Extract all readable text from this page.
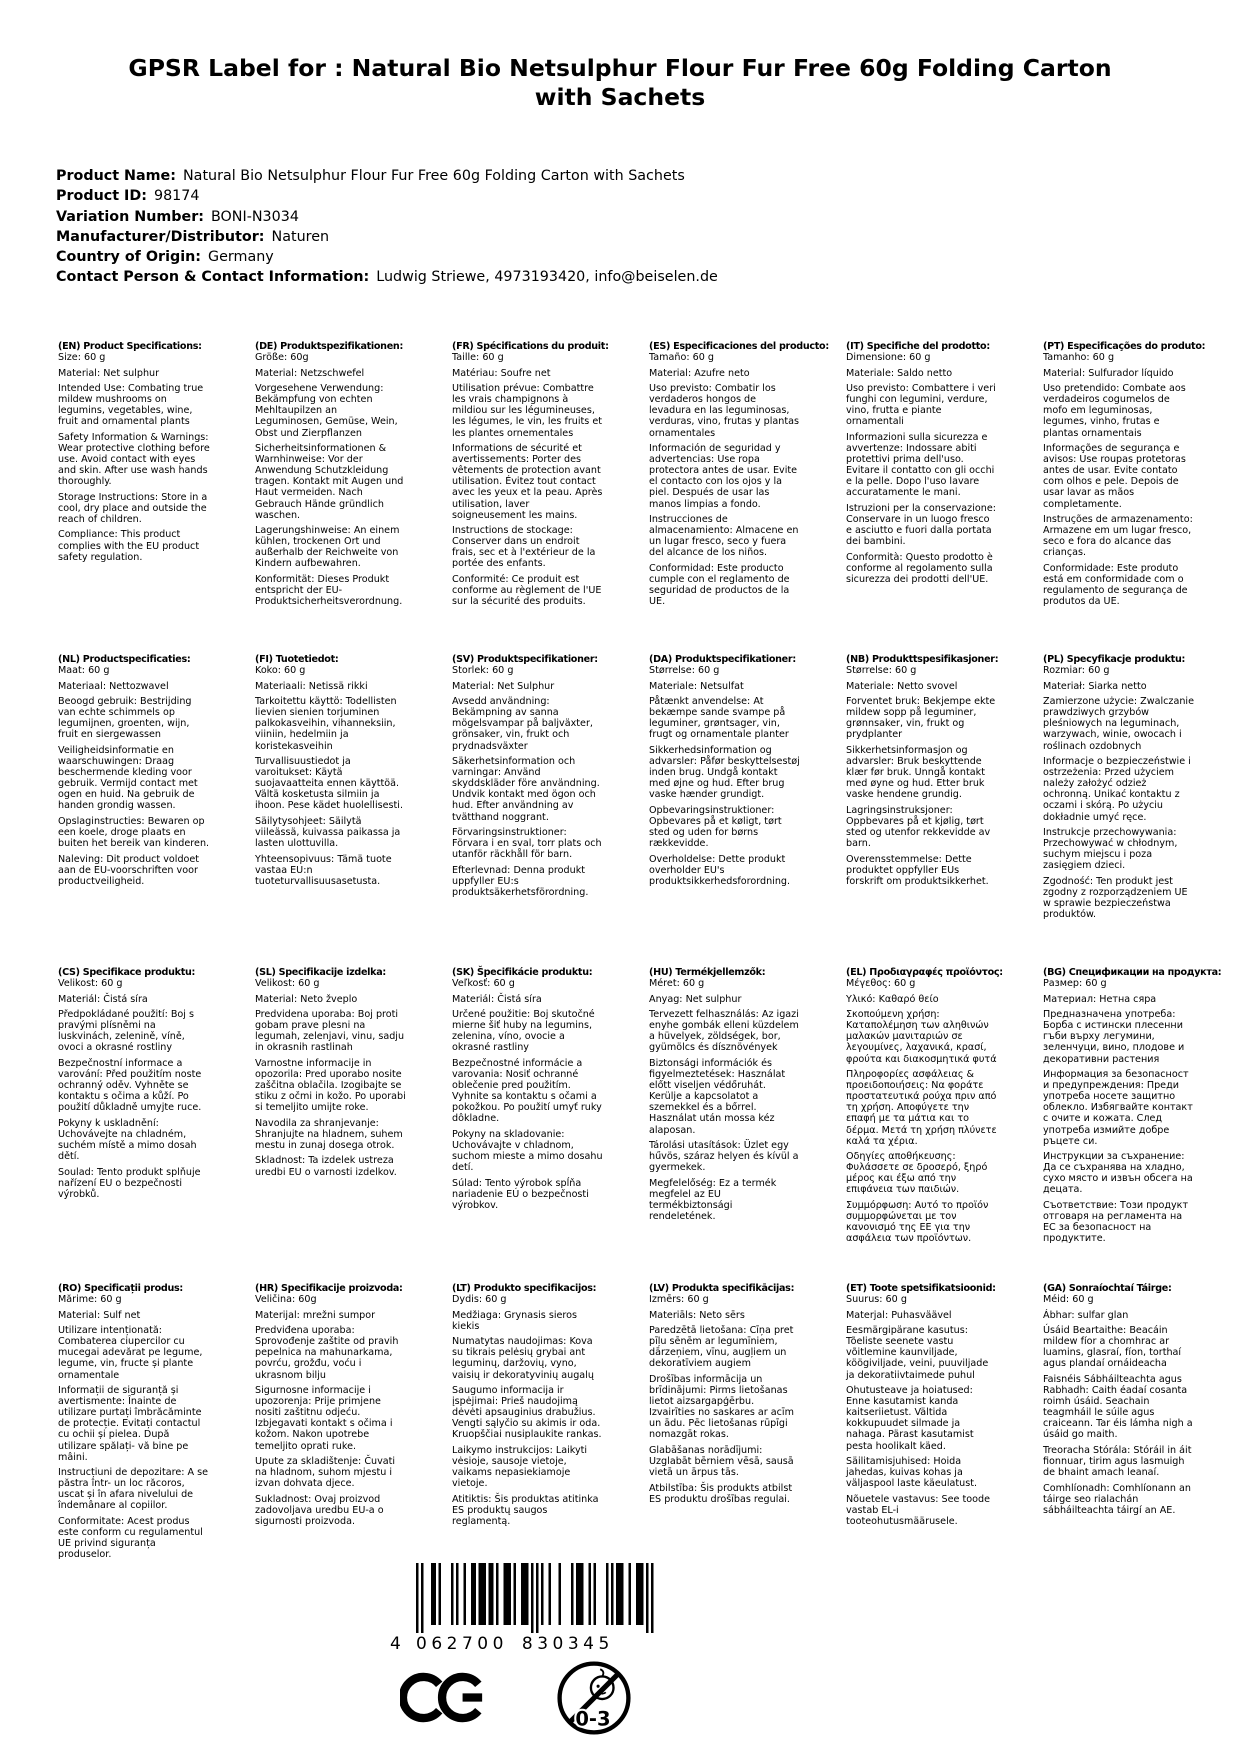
GPSR Label for : Natural Bio Netsulphur Flour Fur Free 60g Folding Carton with Sachets
Product Name: Natural Bio Netsulphur Flour Fur Free 60g Folding Carton with Sachets
Product ID: 98174
Variation Number: BONI-N3034
Manufacturer/Distributor: Naturen
Country of Origin: Germany
Contact Person & Contact Information: Ludwig Striewe, 4973193420, info@beiselen.de
(EN) Product Specifications:

Size: 60 g

Material: Net sulphur

Intended Use: Combating true mildew mushrooms on legumins, vegetables, wine, fruit and ornamental plants

Safety Information & Warnings: Wear protective clothing before use. Avoid contact with eyes and skin. After use wash hands thoroughly.

Storage Instructions: Store in a cool, dry place and outside the reach of children.

Compliance: This product complies with the EU product safety regulation.

(DE) Produktspezifikationen:

Größe: 60g

Material: Netzschwefel

Vorgesehene Verwendung: Bekämpfung von echten Mehltaupilzen an Leguminosen, Gemüse, Wein, Obst und Zierpflanzen

Sicherheitsinformationen & Warnhinweise: Vor der Anwendung Schutzkleidung tragen. Kontakt mit Augen und Haut vermeiden. Nach Gebrauch Hände gründlich waschen.

Lagerungshinweise: An einem kühlen, trockenen Ort und außerhalb der Reichweite von Kindern aufbewahren.

Konformität: Dieses Produkt entspricht der EU-Produktsicherheitsverordnung.

(FR) Spécifications du produit:

Taille: 60 g

Matériau: Soufre net

Utilisation prévue: Combattre les vrais champignons à mildiou sur les légumineuses, les légumes, le vin, les fruits et les plantes ornementales

Informations de sécurité et avertissements: Porter des vêtements de protection avant utilisation. Évitez tout contact avec les yeux et la peau. Après utilisation, laver soigneusement les mains.

Instructions de stockage: Conserver dans un endroit frais, sec et à l'extérieur de la portée des enfants.

Conformité: Ce produit est conforme au règlement de l'UE sur la sécurité des produits.

(ES) Especificaciones del producto:

Tamaño: 60 g

Material: Azufre neto

Uso previsto: Combatir los verdaderos hongos de levadura en las leguminosas, verduras, vino, frutas y plantas ornamentales

Información de seguridad y advertencias: Use ropa protectora antes de usar. Evite el contacto con los ojos y la piel. Después de usar las manos limpias a fondo.

Instrucciones de almacenamiento: Almacene en un lugar fresco, seco y fuera del alcance de los niños.

Conformidad: Este producto cumple con el reglamento de seguridad de productos de la UE.

(IT) Specifiche del prodotto:

Dimensione: 60 g

Materiale: Saldo netto

Uso previsto: Combattere i veri funghi con legumini, verdure, vino, frutta e piante ornamentali

Informazioni sulla sicurezza e avvertenze: Indossare abiti protettivi prima dell'uso. Evitare il contatto con gli occhi e la pelle. Dopo l'uso lavare accuratamente le mani.

Istruzioni per la conservazione: Conservare in un luogo fresco e asciutto e fuori dalla portata dei bambini.

Conformità: Questo prodotto è conforme al regolamento sulla sicurezza dei prodotti dell'UE.

(PT) Especificações do produto:

Tamanho: 60 g

Material: Sulfurador líquido

Uso pretendido: Combate aos verdadeiros cogumelos de mofo em leguminosas, legumes, vinho, frutas e plantas ornamentais

Informações de segurança e avisos: Use roupas protetoras antes de usar. Evite contato com olhos e pele. Depois de usar lavar as mãos completamente.

Instruções de armazenamento: Armazene em um lugar fresco, seco e fora do alcance das crianças.

Conformidade: Este produto está em conformidade com o regulamento de segurança de produtos da UE.

(NL) Productspecificaties:

Maat: 60 g

Materiaal: Nettozwavel

Beoogd gebruik: Bestrijding van echte schimmels op legumijnen, groenten, wijn, fruit en siergewassen

Veiligheidsinformatie en waarschuwingen: Draag beschermende kleding voor gebruik. Vermijd contact met ogen en huid. Na gebruik de handen grondig wassen.

Opslaginstructies: Bewaren op een koele, droge plaats en buiten het bereik van kinderen.

Naleving: Dit product voldoet aan de EU-voorschriften voor productveiligheid.

(FI) Tuotetiedot:

Koko: 60 g

Materiaali: Netissä rikki

Tarkoitettu käyttö: Todellisten lievien sienien torjuminen palkokasveihin, vihanneksiin, viiniin, hedelmiin ja koristekasveihin

Turvallisuustiedot ja varoitukset: Käytä suojavaatteita ennen käyttöä. Vältä kosketusta silmiin ja ihoon. Pese kädet huolellisesti.

Säilytysohjeet: Säilytä viileässä, kuivassa paikassa ja lasten ulottuvilla.

Yhteensopivuus: Tämä tuote vastaa EU:n tuoteturvallisuusasetusta.

(SV) Produktspecifikationer:

Storlek: 60 g

Material: Net Sulphur

Avsedd användning: Bekämpning av sanna mögelsvampar på baljväxter, grönsaker, vin, frukt och prydnadsväxter

Säkerhetsinformation och varningar: Använd skyddskläder före användning. Undvik kontakt med ögon och hud. Efter användning av tvätthand noggrant.

Förvaringsinstruktioner: Förvara i en sval, torr plats och utanför räckhåll för barn.

Efterlevnad: Denna produkt uppfyller EU:s produktsäkerhetsförordning.

(DA) Produktspecifikationer:

Størrelse: 60 g

Materiale: Netsulfat

Påtænkt anvendelse: At bekæmpe sande svampe på leguminer, grøntsager, vin, frugt og ornamentale planter

Sikkerhedsinformation og advarsler: Påfør beskyttelsestøj inden brug. Undgå kontakt med øjne og hud. Efter brug vaske hænder grundigt.

Opbevaringsinstruktioner: Opbevares på et køligt, tørt sted og uden for børns rækkevidde.

Overholdelse: Dette produkt overholder EU's produktsikkerhedsforordning.

(NB) Produkttspesifikasjoner:

Størrelse: 60 g

Materiale: Netto svovel

Forventet bruk: Bekjempe ekte mildew sopp på leguminer, grønnsaker, vin, frukt og prydplanter

Sikkerhetsinformasjon og advarsler: Bruk beskyttende klær før bruk. Unngå kontakt med øyne og hud. Etter bruk vaske hendene grundig.

Lagringsinstruksjoner: Oppbevares på et kjølig, tørt sted og utenfor rekkevidde av barn.

Overensstemmelse: Dette produktet oppfyller EUs forskrift om produktsikkerhet.

(PL) Specyfikacje produktu:

Rozmiar: 60 g

Materiał: Siarka netto

Zamierzone użycie: Zwalczanie prawdziwych grzybów pleśniowych na leguminach, warzywach, winie, owocach i roślinach ozdobnych

Informacje o bezpieczeństwie i ostrzeżenia: Przed użyciem należy założyć odzież ochronną. Unikać kontaktu z oczami i skórą. Po użyciu dokładnie umyć ręce.

Instrukcje przechowywania: Przechowywać w chłodnym, suchym miejscu i poza zasięgiem dzieci.

Zgodność: Ten produkt jest zgodny z rozporządzeniem UE w sprawie bezpieczeństwa produktów.

(CS) Specifikace produktu:

Velikost: 60 g

Materiál: Čistá síra

Předpokládané použití: Boj s pravými plísněmi na luskvinách, zelenině, víně, ovoci a okrasné rostliny

Bezpečnostní informace a varování: Před použitím noste ochranný oděv. Vyhněte se kontaktu s očima a kůží. Po použití důkladně umyjte ruce.

Pokyny k uskladnění: Uchovávejte na chladném, suchém místě a mimo dosah dětí.

Soulad: Tento produkt splňuje nařízení EU o bezpečnosti výrobků.

(SL) Specifikacije izdelka:

Velikost: 60 g

Material: Neto žveplo

Predvidena uporaba: Boj proti gobam prave plesni na legumah, zelenjavi, vinu, sadju in okrasnih rastlinah

Varnostne informacije in opozorila: Pred uporabo nosite zaščitna oblačila. Izogibajte se stiku z očmi in kožo. Po uporabi si temeljito umijte roke.

Navodila za shranjevanje: Shranjujte na hladnem, suhem mestu in zunaj dosega otrok.

Skladnost: Ta izdelek ustreza uredbi EU o varnosti izdelkov.

(SK) Špecifikácie produktu:

Veľkosť: 60 g

Materiál: Čistá síra

Určené použitie: Boj skutočné mierne šiť huby na legumins, zelenina, víno, ovocie a okrasné rastliny

Bezpečnostné informácie a varovania: Nosiť ochranné oblečenie pred použitím. Vyhnite sa kontaktu s očami a pokožkou. Po použití umyť ruky dôkladne.

Pokyny na skladovanie: Uchovávajte v chladnom, suchom mieste a mimo dosahu detí.

Súlad: Tento výrobok spĺňa nariadenie EÚ o bezpečnosti výrobkov.

(HU) Termékjellemzők:

Méret: 60 g

Anyag: Net sulphur

Tervezett felhasználás: Az igazi enyhe gombák elleni küzdelem a hüvelyek, zöldségek, bor, gyümölcs és dísznövények

Biztonsági információk és figyelmeztetések: Használat előtt viseljen védőruhát. Kerülje a kapcsolatot a szemekkel és a bőrrel. Használat után mossa kéz alaposan.

Tárolási utasítások: Üzlet egy hűvös, száraz helyen és kívül a gyermekek.

Megfelelőség: Ez a termék megfelel az EU termékbiztonsági rendeletének.

(EL) Προδιαγραφές προϊόντος:

Μέγεθος: 60 g

Υλικό: Καθαρό θείο

Σκοπούμενη χρήση: Καταπολέμηση των αληθινών μαλακών μανιταριών σε λεγουμίνες, λαχανικά, κρασί, φρούτα και διακοσμητικά φυτά

Πληροφορίες ασφάλειας & προειδοποιήσεις: Να φοράτε προστατευτικά ρούχα πριν από τη χρήση. Αποφύγετε την επαφή με τα μάτια και το δέρμα. Μετά τη χρήση πλύνετε καλά τα χέρια.

Οδηγίες αποθήκευσης: Φυλάσσετε σε δροσερό, ξηρό μέρος και έξω από την επιφάνεια των παιδιών.

Συμμόρφωση: Αυτό το προϊόν συμμορφώνεται με τον κανονισμό της ΕΕ για την ασφάλεια των προϊόντων.

(BG) Спецификации на продукта:

Размер: 60 g

Материал: Нетна сяра

Предназначена употреба: Борба с истински плесенни гъби върху легумини, зеленчуци, вино, плодове и декоративни растения

Информация за безопасност и предупреждения: Преди употреба носете защитно облекло. Избягвайте контакт с очите и кожата. След употреба измийте добре ръцете си.

Инструкции за съхранение: Да се съхранява на хладно, сухо място и извън обсега на децата.

Съответствие: Този продукт отговаря на регламента на ЕС за безопасност на продуктите.

(RO) Specificații produs:

Mărime: 60 g

Material: Sulf net

Utilizare intenționată: Combaterea ciupercilor cu mucegai adevărat pe legume, legume, vin, fructe și plante ornamentale

Informații de siguranță și avertismente: Înainte de utilizare purtați îmbrăcăminte de protecție. Evitați contactul cu ochii și pielea. După utilizare spălați- vă bine pe mâini.

Instrucțiuni de depozitare: A se păstra într- un loc răcoros, uscat și în afara nivelului de îndemânare al copiilor.

Conformitate: Acest produs este conform cu regulamentul UE privind siguranța produselor.

(HR) Specifikacije proizvoda:

Veličina: 60g

Materijal: mrežni sumpor

Predviđena uporaba: Sprovođenje zaštite od pravih pepelnica na mahunarkama, povrću, grožđu, voću i ukrasnom bilju

Sigurnosne informacije i upozorenja: Prije primjene nositi zaštitnu odjeću. Izbjegavati kontakt s očima i kožom. Nakon upotrebe temeljito oprati ruke.

Upute za skladištenje: Čuvati na hladnom, suhom mjestu i izvan dohvata djece.

Sukladnost: Ovaj proizvod zadovoljava uredbu EU-a o sigurnosti proizvoda.

(LT) Produkto specifikacijos:

Dydis: 60 g

Medžiaga: Grynasis sieros kiekis

Numatytas naudojimas: Kova su tikrais pelėsių grybai ant leguminų, daržovių, vyno, vaisių ir dekoratyvinių augalų

Saugumo informacija ir įspėjimai: Prieš naudojimą dėvėti apsauginius drabužius. Vengti sąlyčio su akimis ir oda. Kruopščiai nusiplaukite rankas.

Laikymo instrukcijos: Laikyti vėsioje, sausoje vietoje, vaikams nepasiekiamoje vietoje.

Atitiktis: Šis produktas atitinka ES produktų saugos reglamentą.

(LV) Produkta specifikācijas:

Izmērs: 60 g

Materiāls: Neto sērs

Paredzētā lietošana: Cīņa pret pīļu sēnēm ar legumīniem, dārzeņiem, vīnu, augļiem un dekoratīviem augiem

Drošības informācija un brīdinājumi: Pirms lietošanas lietot aizsargapģērbu. Izvairīties no saskares ar acīm un ādu. Pēc lietošanas rūpīgi nomazgāt rokas.

Glabāšanas norādījumi: Uzglabāt bērniem vēsā, sausā vietā un ārpus tās.

Atbilstība: Šis produkts atbilst ES produktu drošības regulai.

(ET) Toote spetsifikatsioonid:

Suurus: 60 g

Materjal: Puhasväävel

Eesmärgipärane kasutus: Tõeliste seenete vastu võitlemine kaunviljade, köögiviljade, veini, puuviljade ja dekoratiivtaimede puhul

Ohutusteave ja hoiatused: Enne kasutamist kanda kaitseriietust. Vältida kokkupuudet silmade ja nahaga. Pärast kasutamist pesta hoolikalt käed.

Säilitamisjuhised: Hoida jahedas, kuivas kohas ja väljaspool laste käeulatust.

Nõuetele vastavus: See toode vastab EL-i tooteohutusmäärusele.

(GA) Sonraíochtaí Táirge:

Méid: 60 g

Ábhar: sulfar glan

Úsáid Beartaithe: Beacáin mildew fíor a chomhrac ar luamins, glasraí, fíon, torthaí agus plandaí ornáideacha

Faisnéis Sábháilteachta agus Rabhadh: Caith éadaí cosanta roimh úsáid. Seachain teagmháil le súile agus craiceann. Tar éis lámha nigh a úsáid go maith.

Treoracha Stórála: Stóráil in áit fionnuar, tirim agus lasmuigh de bhaint amach leanaí.

Comhlíonadh: Comhlíonann an táirge seo rialachán sábháilteachta táirgí an AE.

4 062700 830345
0-3
